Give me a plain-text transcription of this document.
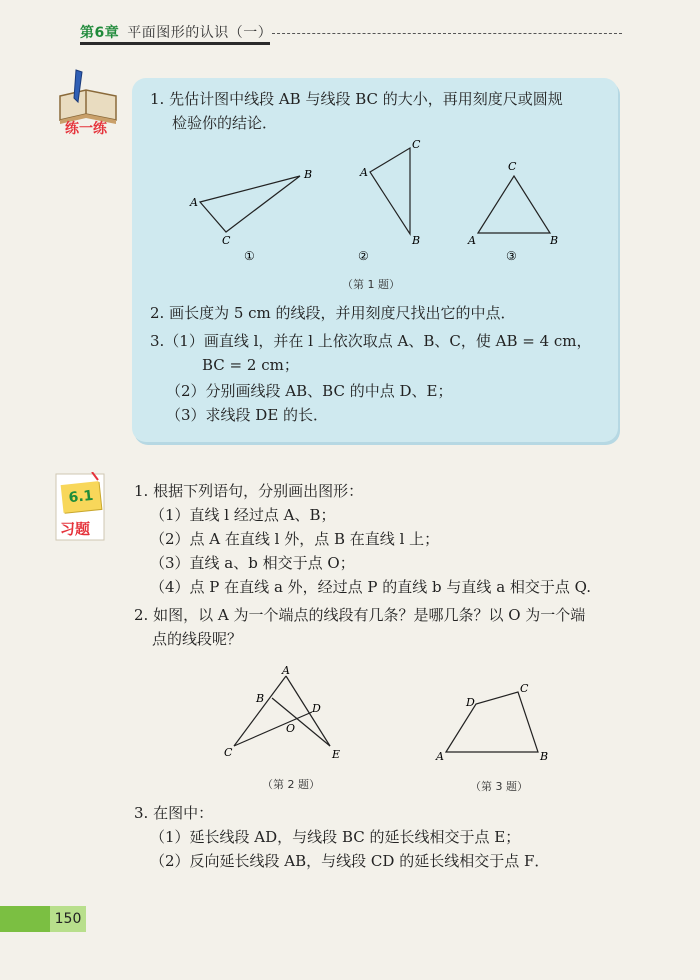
第6章 平面图形的认识（一）
练一练
1. 先估计图中线段 AB 与线段 BC 的大小，再用刻度尺或圆规
检验你的结论．
A
B
C
A
C
B	A
C
B
①	②	③
（第 1 题）
2. 画长度为 5 cm 的线段，并用刻度尺找出它的中点．
3.（1）画直线 l，并在 l 上依次取点 A、B、C，使 AB = 4 cm，
BC = 2 cm；
（2）分别画线段 AB、BC 的中点 D、E；
（3）求线段 DE 的长．
6.1
习题
1. 根据下列语句，分别画出图形：
（1）直线 l 经过点 A、B；
（2）点 A 在直线 l 外，点 B 在直线 l 上；
（3）直线 a、b 相交于点 O；
（4）点 P 在直线 a 外，经过点 P 的直线 b 与直线 a 相交于点 Q.
2. 如图，以 A 为一个端点的线段有几条？是哪几条？以 O 为一个端
点的线段呢？
A
B
C
D
E
O
（第 2 题）
A
D
C
B
（第 3 题）
3. 在图中：
（1）延长线段 AD，与线段 BC 的延长线相交于点 E；
（2）反向延长线段 AB，与线段 CD 的延长线相交于点 F．
150
